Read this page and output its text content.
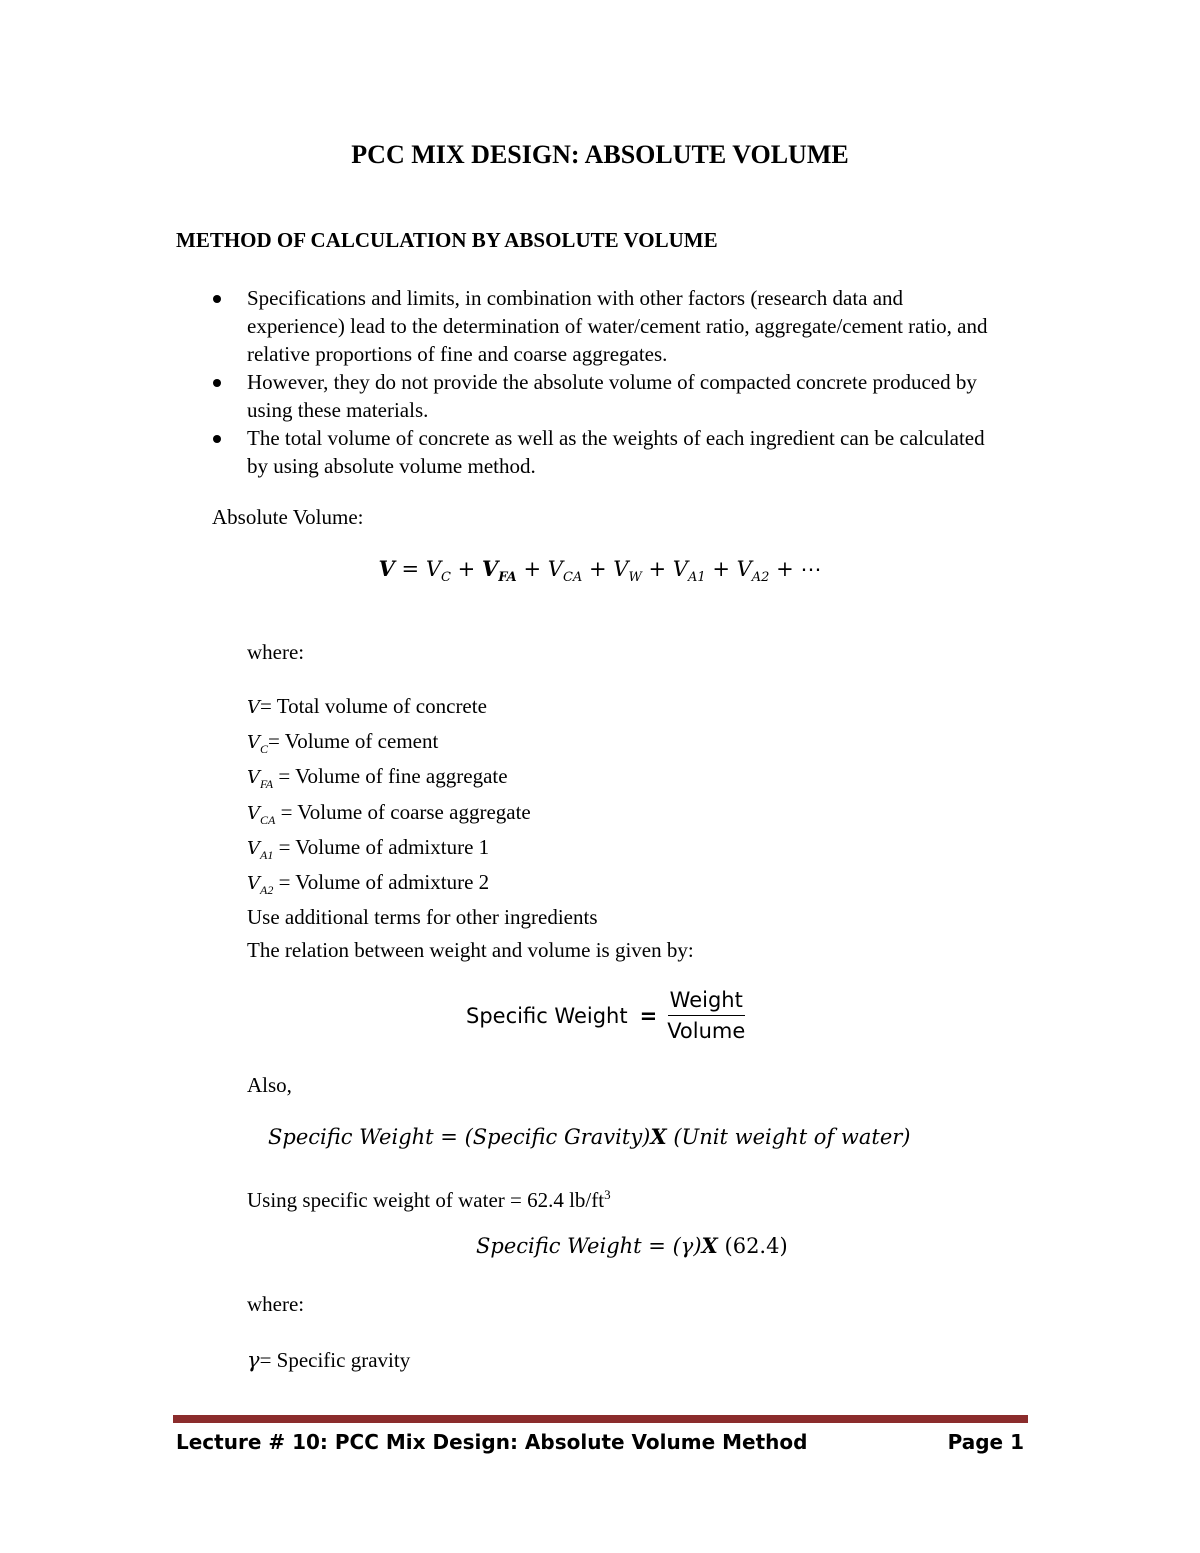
PCC MIX DESIGN: ABSOLUTE VOLUME
METHOD OF CALCULATION BY ABSOLUTE VOLUME
Specifications and limits, in combination with other factors (research data and experience) lead to the determination of water/cement ratio, aggregate/cement ratio, and relative proportions of fine and coarse aggregates.
However, they do not provide the absolute volume of compacted concrete produced by using these materials.
The total volume of concrete as well as the weights of each ingredient can be calculated by using absolute volume method.
Absolute Volume:
$V = V_C + V_{FA} + V_{CA} + V_W + V_{A1} + V_{A2}$ + ⋯
where:
V= Total volume of concrete
$V_C=$ Volume of cement
$V_{FA}$ = Volume of fine aggregate
$V_{CA}$ = Volume of coarse aggregate
$V_{A1}$ = Volume of admixture 1
$V_{A2}$ = Volume of admixture 2
Use additional terms for other ingredients
The relation between weight and volume is given by:
Specific Weight = $\frac{\text{Weight}}{\text{Volume}}$
Also,
Specific Weight = (Specific Gravity)X (Unit weight of water)
Using specific weight of water = 62.4 $lb/ft^3$
Specific Weight = (γ)X (62.4)
where:
γ= Specific gravity
Lecture # 10: PCC Mix Design: Absolute Volume Method	Page 1
